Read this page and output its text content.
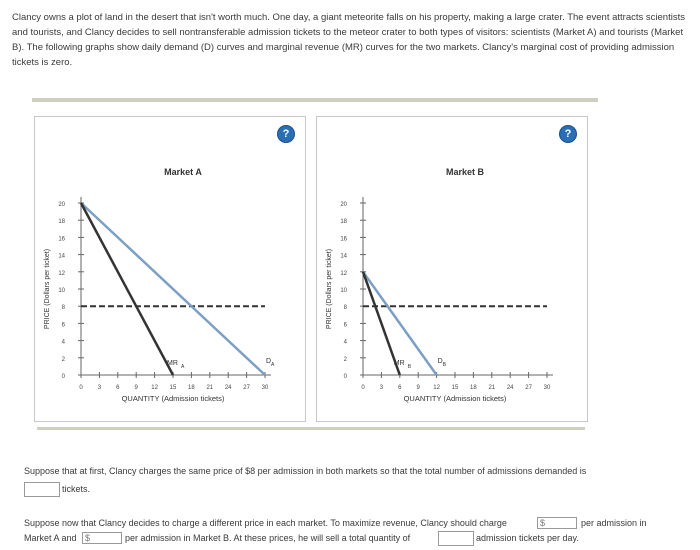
Clancy owns a plot of land in the desert that isn't worth much. One day, a giant meteorite falls on his property, making a large crater. The event attracts scientists and tourists, and Clancy decides to sell nontransferable admission tickets to the meteor crater to both types of visitors: scientists (Market A) and tourists (Market B). The following graphs show daily demand (D) curves and marginal revenue (MR) curves for the two markets. Clancy's marginal cost of providing admission tickets is zero.
?
Market A
0
2
4
6
8
10
12
14
16
18
20
0	3	6	9 12 15 18 21 24 27 30
QUANTITY (Admission tickets)
PRICE (Dollars per ticket)
MR A
D A
?
Market B
0
2
4
6
8
10
12
14
16
18
20
0	3	6	9 12 15 18 21 24 27 30
QUANTITY (Admission tickets)
PRICE (Dollars per ticket)
MR B
D B
Suppose that at first, Clancy charges the same price of $8 per admission in both markets so that the total number of admissions demanded is
tickets.
Suppose now that Clancy decides to charge a different price in each market. To maximize revenue, Clancy should charge	$	per admission in
Market A and $	per admission in Market B. At these prices, he will sell a total quantity of	admission tickets per day.
